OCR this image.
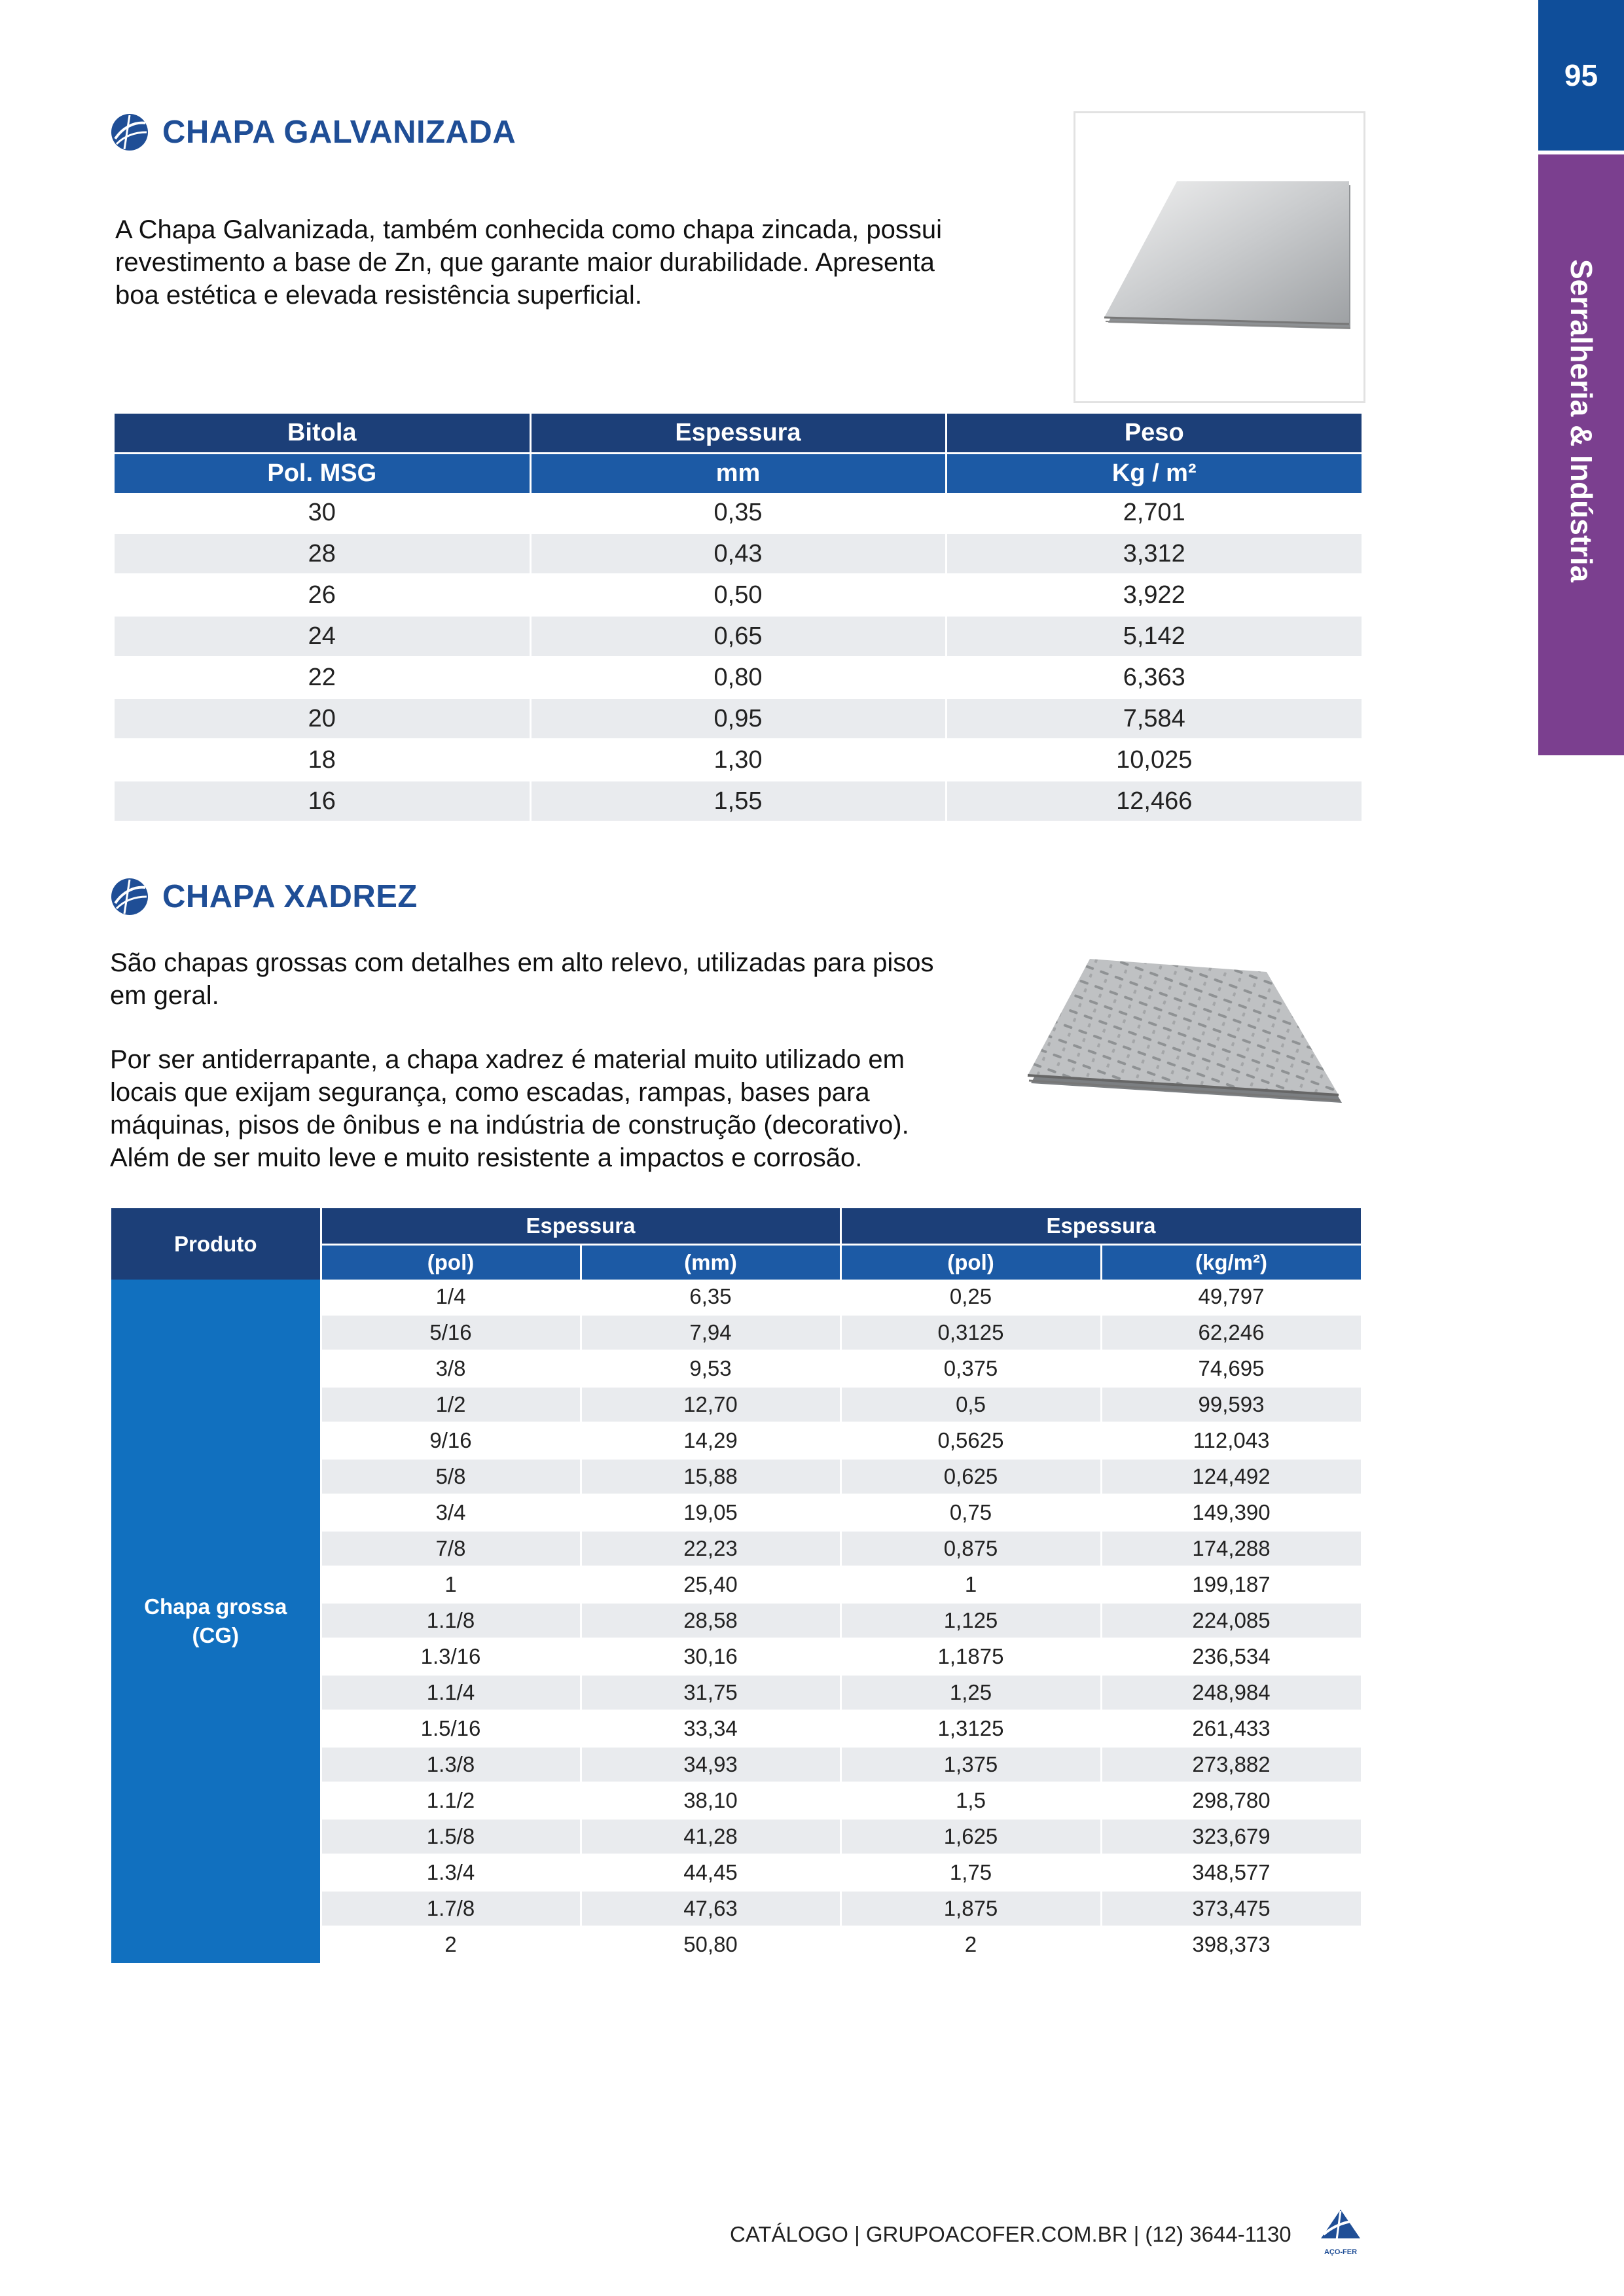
95
Serralheria & Indústria
CHAPA GALVANIZADA
A Chapa Galvanizada, também conhecida como chapa zincada, possui
revestimento a base de Zn, que garante maior durabilidade. Apresenta
boa estética e elevada resistência superficial.
Bitola	Espessura	Peso
Pol. MSG	mm	Kg / m²
30	0,35	2,701
28	0,43	3,312
26	0,50	3,922
24	0,65	5,142
22	0,80	6,363
20	0,95	7,584
18	1,30	10,025
16	1,55	12,466
CHAPA XADREZ
São chapas grossas com detalhes em alto relevo, utilizadas para pisos
em geral.
Por ser antiderrapante, a chapa xadrez é material muito utilizado em
locais que exijam segurança, como escadas, rampas, bases para
máquinas, pisos de ônibus e na indústria de construção (decorativo).
Além de ser muito leve e muito resistente a impactos e corrosão.
Produto	Espessura		Espessura	
	(pol)	(mm)	(pol)	(kg/m²)

Chapa grossa
(CG)	1/4	6,35	0,25	49,797
	5/16	7,94	0,3125	62,246
	3/8	9,53	0,375	74,695
	1/2	12,70	0,5	99,593
	9/16	14,29	0,5625	112,043
	5/8	15,88	0,625	124,492
	3/4	19,05	0,75	149,390
	7/8	22,23	0,875	174,288
	1	25,40	1	199,187
	1.1/8	28,58	1,125	224,085
	1.3/16	30,16	1,1875	236,534
	1.1/4	31,75	1,25	248,984
	1.5/16	33,34	1,3125	261,433
	1.3/8	34,93	1,375	273,882
	1.1/2	38,10	1,5	298,780
	1.5/8	41,28	1,625	323,679
	1.3/4	44,45	1,75	348,577
	1.7/8	47,63	1,875	373,475
	2	50,80	2	398,373
CATÁLOGO | GRUPOACOFER.COM.BR | (12) 3644-1130
AÇO-FER
